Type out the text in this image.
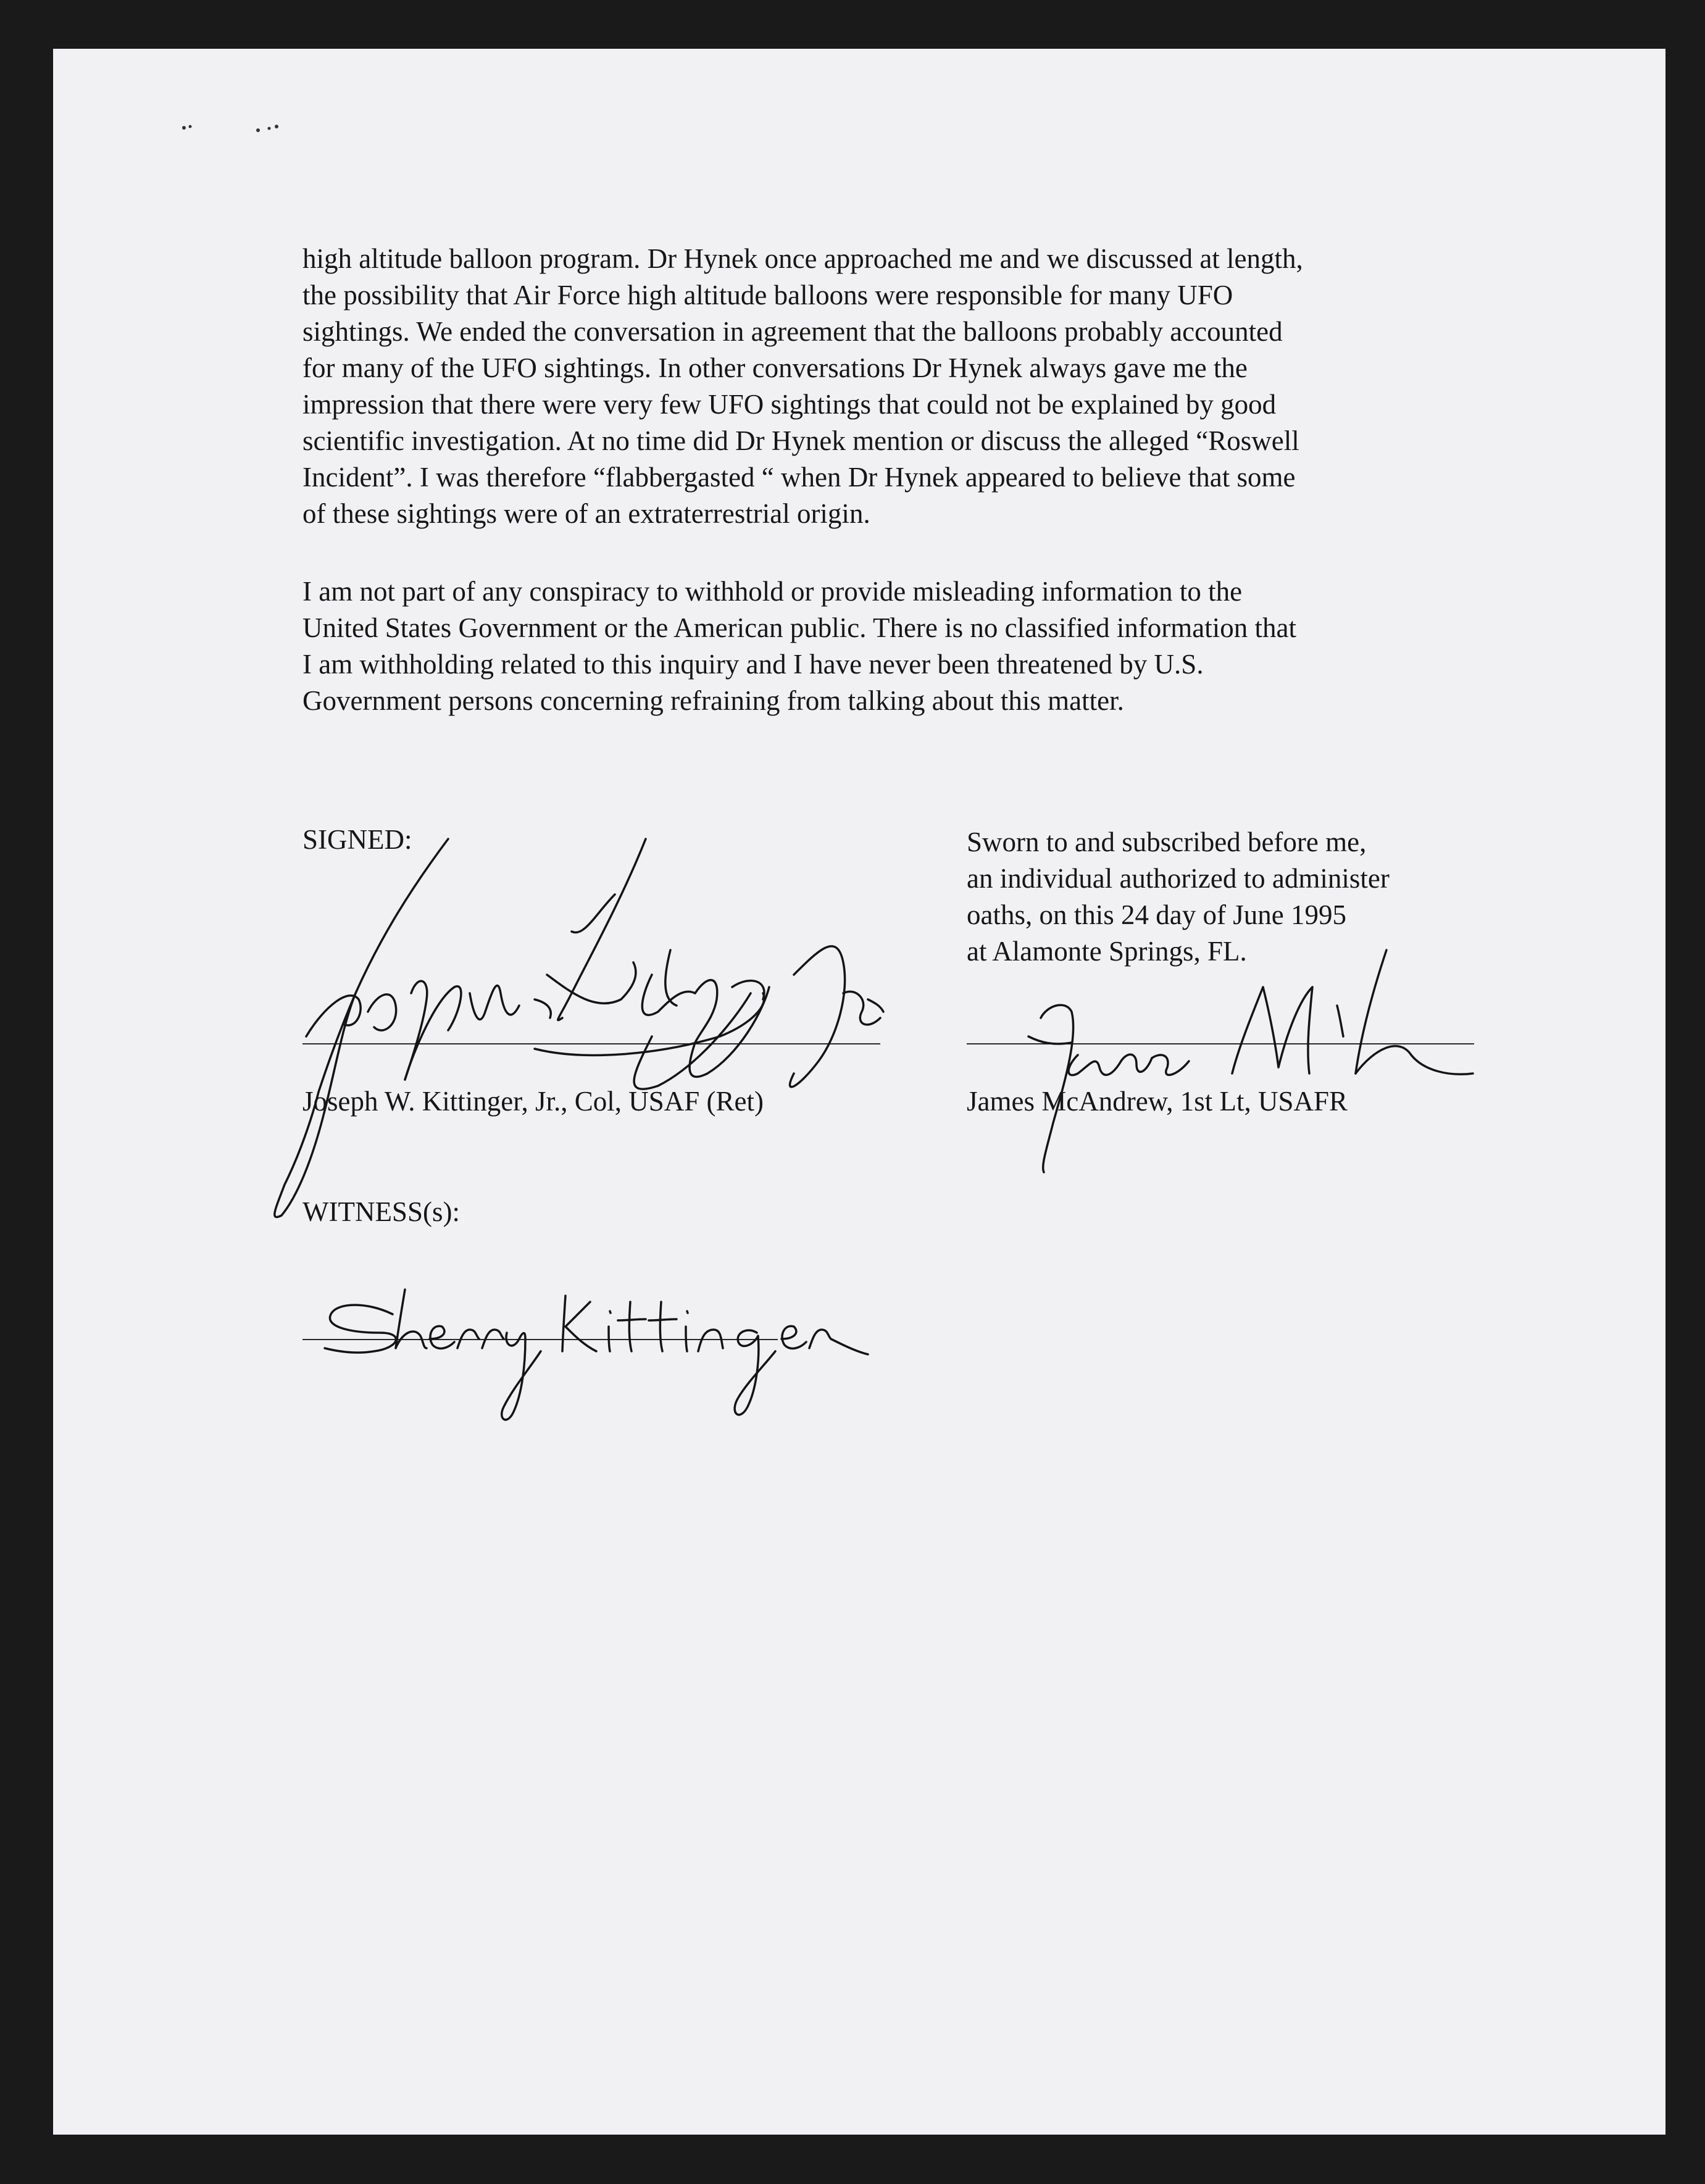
high altitude balloon program. Dr Hynek once approached me and we discussed at length,
the possibility that Air Force high altitude balloons were responsible for many UFO
sightings. We ended the conversation in agreement that the balloons probably accounted
for many of the UFO sightings. In other conversations Dr Hynek always gave me the
impression that there were very few UFO sightings that could not be explained by good
scientific investigation. At no time did Dr Hynek mention or discuss the alleged “Roswell
Incident”. I was therefore “flabbergasted “ when Dr Hynek appeared to believe that some
of these sightings were of an extraterrestrial origin.

I am not part of any conspiracy to withhold or provide misleading information to the
United States Government or the American public. There is no classified information that
I am withholding related to this inquiry and I have never been threatened by U.S.
Government persons concerning refraining from talking about this matter.

SIGNED:	Sworn to and subscribed before me,
an individual authorized to administer
oaths, on this 24 day of June 1995
at Alamonte Springs, FL.

Joseph W. Kittinger, Jr., Col, USAF (Ret)	James McAndrew, 1st Lt, USAFR
WITNESS(s):
